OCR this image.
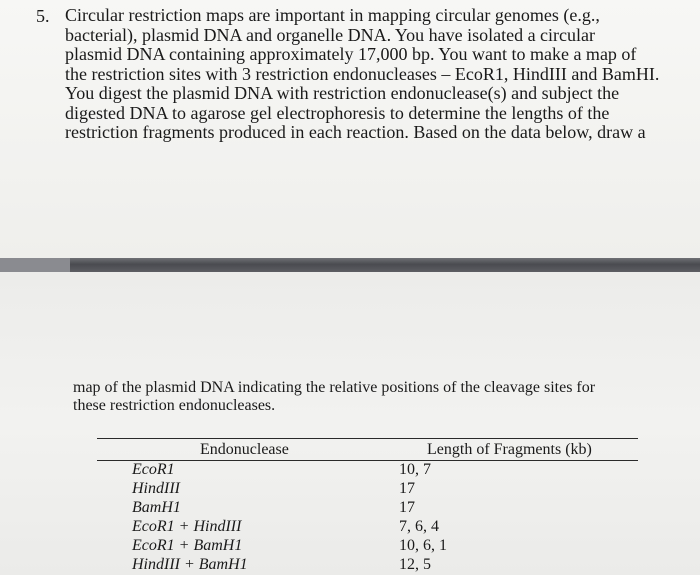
5. Circular restriction maps are important in mapping circular genomes (e.g.,

bacterial), plasmid DNA and organelle DNA. You have isolated a circular

plasmid DNA containing approximately 17,000 bp. You want to make a map of

the restriction sites with 3 restriction endonucleases – EcoR1, HindIII and BamHI.

You digest the plasmid DNA with restriction endonuclease(s) and subject the

digested DNA to agarose gel electrophoresis to determine the lengths of the

restriction fragments produced in each reaction. Based on the data below, draw a

map of the plasmid DNA indicating the relative positions of the cleavage sites for

these restriction endonucleases.

Endonuclease	Length of Fragments (kb)
EcoR1	10, 7
HindIII	17
BamH1	17
EcoR1 + HindIII	7, 6, 4
EcoR1 + BamH1	10, 6, 1
HindIII + BamH1	12, 5
